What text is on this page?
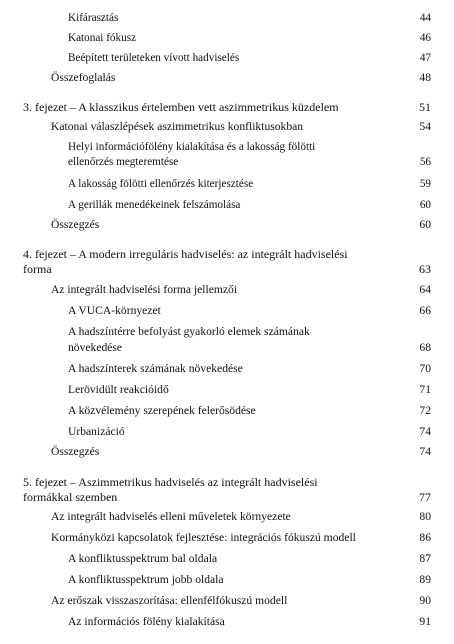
Kifárasztás	44
Katonai fókusz	46
Beépített területeken vívott hadviselés	47
Összefoglalás	48
3. fejezet – A klasszikus értelemben vett aszimmetrikus küzdelem	51
Katonai válaszlépések aszimmetrikus konfliktusokban	54
Helyi információfölény kialakítása és a lakosság fölötti
ellenőrzés megteremtése	56
A lakosság fölötti ellenőrzés kiterjesztése	59
A gerillák menedékeinek felszámolása	60
Összegzés	60
4. fejezet – A modern irreguláris hadviselés: az integrált hadviselési
forma	63
Az integrált hadviselési forma jellemzői	64
A VUCA-környezet	66
A hadszíntérre befolyást gyakorló elemek számának
növekedése	68
A hadszínterek számának növekedése	70
Lerövidült reakcióidő	71
A közvélemény szerepének felerősödése	72
Urbanizáció	74
Összegzés	74
5. fejezet – Aszimmetrikus hadviselés az integrált hadviselési
formákkal szemben	77
Az integrált hadviselés elleni műveletek környezete	80
Kormányközi kapcsolatok fejlesztése: integrációs fókuszú modell	86
A konfliktusspektrum bal oldala	87
A konfliktusspektrum jobb oldala	89
Az erőszak visszaszorítása: ellenfélfókuszú modell	90
Az információs fölény kialakítása	91
